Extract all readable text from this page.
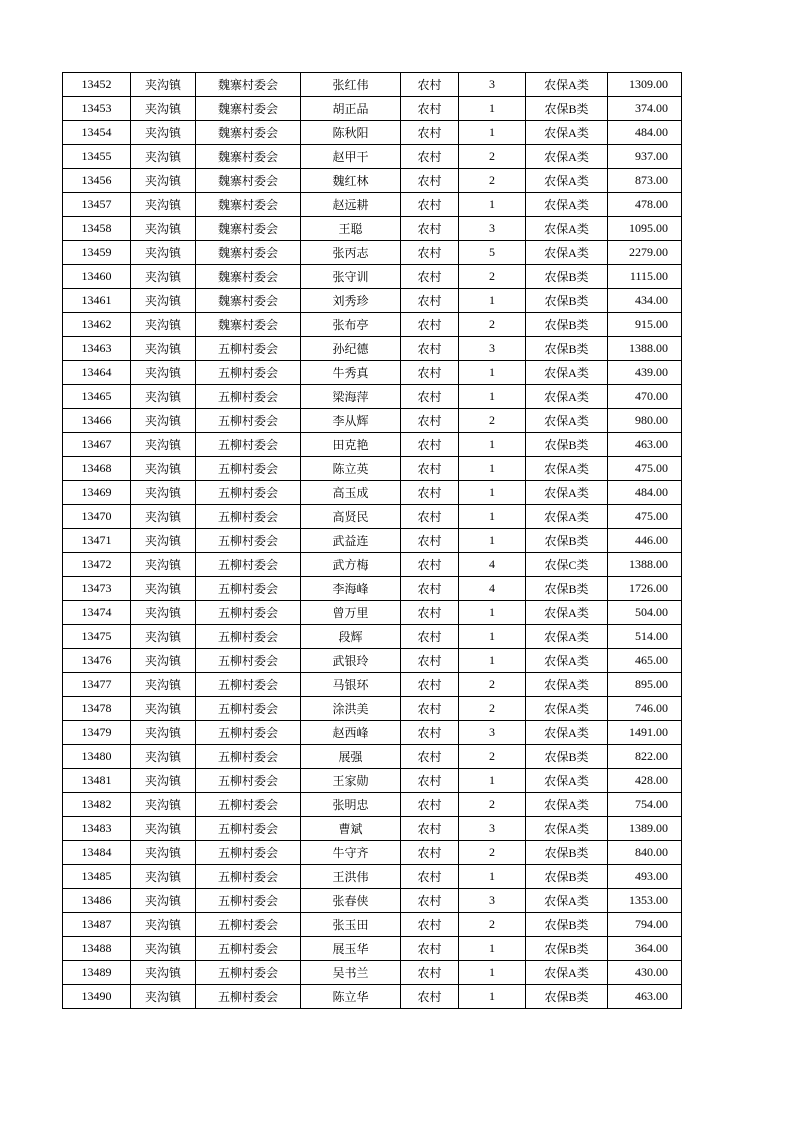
13452	夹沟镇	魏寨村委会	张红伟	农村	3	农保A类	1309.00
13453	夹沟镇	魏寨村委会	胡正品	农村	1	农保B类	374.00
13454	夹沟镇	魏寨村委会	陈秋阳	农村	1	农保A类	484.00
13455	夹沟镇	魏寨村委会	赵甲干	农村	2	农保A类	937.00
13456	夹沟镇	魏寨村委会	魏红林	农村	2	农保A类	873.00
13457	夹沟镇	魏寨村委会	赵远耕	农村	1	农保A类	478.00
13458	夹沟镇	魏寨村委会	王聪	农村	3	农保A类	1095.00
13459	夹沟镇	魏寨村委会	张丙志	农村	5	农保A类	2279.00
13460	夹沟镇	魏寨村委会	张守训	农村	2	农保B类	1115.00
13461	夹沟镇	魏寨村委会	刘秀珍	农村	1	农保B类	434.00
13462	夹沟镇	魏寨村委会	张布亭	农村	2	农保B类	915.00
13463	夹沟镇	五柳村委会	孙纪德	农村	3	农保B类	1388.00
13464	夹沟镇	五柳村委会	牛秀真	农村	1	农保A类	439.00
13465	夹沟镇	五柳村委会	梁海萍	农村	1	农保A类	470.00
13466	夹沟镇	五柳村委会	李从辉	农村	2	农保A类	980.00
13467	夹沟镇	五柳村委会	田克艳	农村	1	农保B类	463.00
13468	夹沟镇	五柳村委会	陈立英	农村	1	农保A类	475.00
13469	夹沟镇	五柳村委会	高玉成	农村	1	农保A类	484.00
13470	夹沟镇	五柳村委会	高贤民	农村	1	农保A类	475.00
13471	夹沟镇	五柳村委会	武益连	农村	1	农保B类	446.00
13472	夹沟镇	五柳村委会	武方梅	农村	4	农保C类	1388.00
13473	夹沟镇	五柳村委会	李海峰	农村	4	农保B类	1726.00
13474	夹沟镇	五柳村委会	曾万里	农村	1	农保A类	504.00
13475	夹沟镇	五柳村委会	段辉	农村	1	农保A类	514.00
13476	夹沟镇	五柳村委会	武银玲	农村	1	农保A类	465.00
13477	夹沟镇	五柳村委会	马银环	农村	2	农保A类	895.00
13478	夹沟镇	五柳村委会	涂洪美	农村	2	农保A类	746.00
13479	夹沟镇	五柳村委会	赵西峰	农村	3	农保A类	1491.00
13480	夹沟镇	五柳村委会	展强	农村	2	农保B类	822.00
13481	夹沟镇	五柳村委会	王家勋	农村	1	农保A类	428.00
13482	夹沟镇	五柳村委会	张明忠	农村	2	农保A类	754.00
13483	夹沟镇	五柳村委会	曹斌	农村	3	农保A类	1389.00
13484	夹沟镇	五柳村委会	牛守齐	农村	2	农保B类	840.00
13485	夹沟镇	五柳村委会	王洪伟	农村	1	农保B类	493.00
13486	夹沟镇	五柳村委会	张春侠	农村	3	农保A类	1353.00
13487	夹沟镇	五柳村委会	张玉田	农村	2	农保B类	794.00
13488	夹沟镇	五柳村委会	展玉华	农村	1	农保B类	364.00
13489	夹沟镇	五柳村委会	吴书兰	农村	1	农保A类	430.00
13490	夹沟镇	五柳村委会	陈立华	农村	1	农保B类	463.00
